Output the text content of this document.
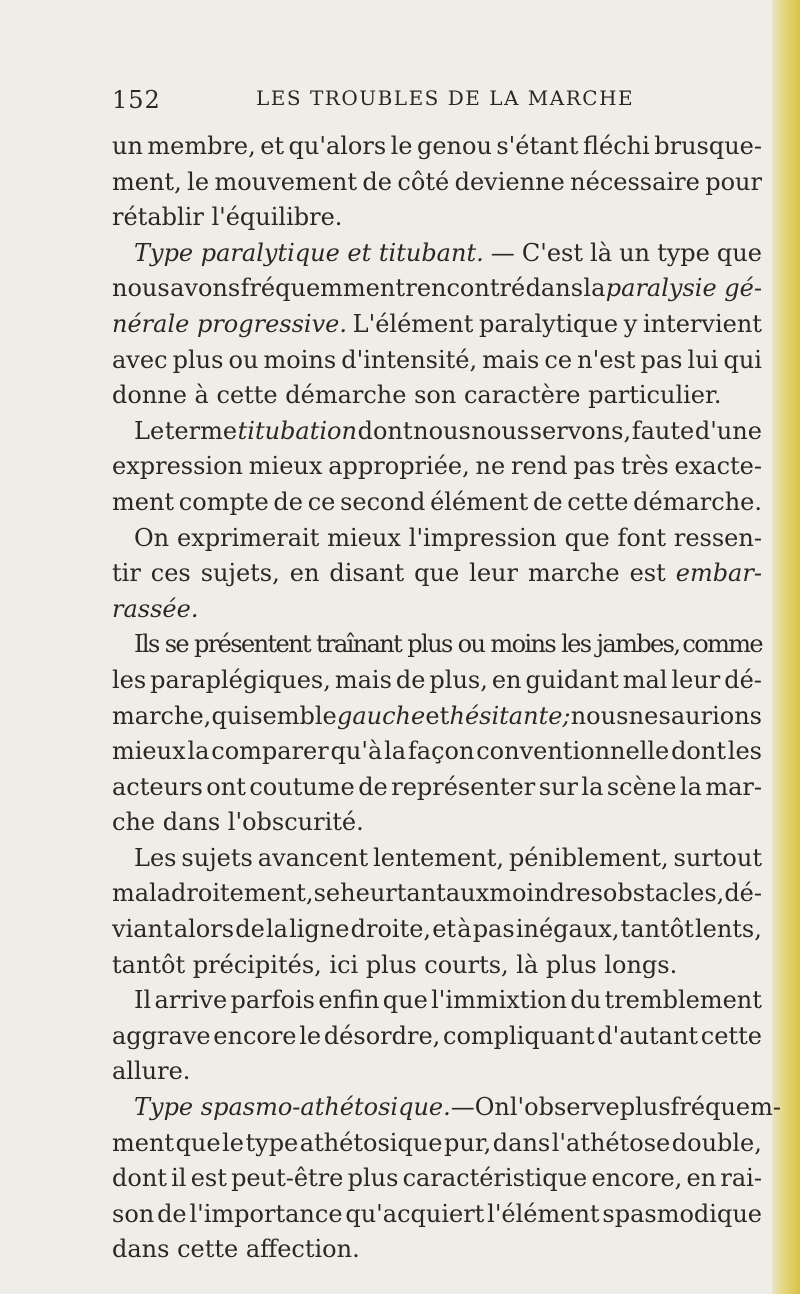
152	LES TROUBLES DE LA MARCHE
un membre, et qu'alors le genou s'étant fléchi brusque-
ment, le mouvement de côté devienne nécessaire pour
rétablir l'équilibre.
Type paralytique et titubant. — C'est là un type que
nous avons fréquemment rencontré dans la paralysie gé-
nérale progressive. L'élément paralytique y intervient
avec plus ou moins d'intensité, mais ce n'est pas lui qui
donne à cette démarche son caractère particulier.
Le terme titubation dont nous nous servons, faute d'une
expression mieux appropriée, ne rend pas très exacte-
ment compte de ce second élément de cette démarche.
On exprimerait mieux l'impression que font ressen-
tir ces sujets, en disant que leur marche est embar-
rassée.
Ils se présentent traînant plus ou moins les jambes, comme
les paraplégiques, mais de plus, en guidant mal leur dé-
marche, qui semble gauche et hésitante; nous ne saurions
mieux la comparer qu'à la façon conventionnelle dont les
acteurs ont coutume de représenter sur la scène la mar-
che dans l'obscurité.
Les sujets avancent lentement, péniblement, surtout
maladroitement, se heurtant aux moindres obstacles, dé-
viant alors de la ligne droite, et à pas inégaux, tantôt lents,
tantôt précipités, ici plus courts, là plus longs.
Il arrive parfois enfin que l'immixtion du tremblement
aggrave encore le désordre, compliquant d'autant cette
allure.
Type spasmo-athétosique. — On l'observe plus fréquem-
ment que le type athétosique pur, dans l'athétose double,
dont il est peut-être plus caractéristique encore, en rai-
son de l'importance qu'acquiert l'élément spasmodique
dans cette affection.
